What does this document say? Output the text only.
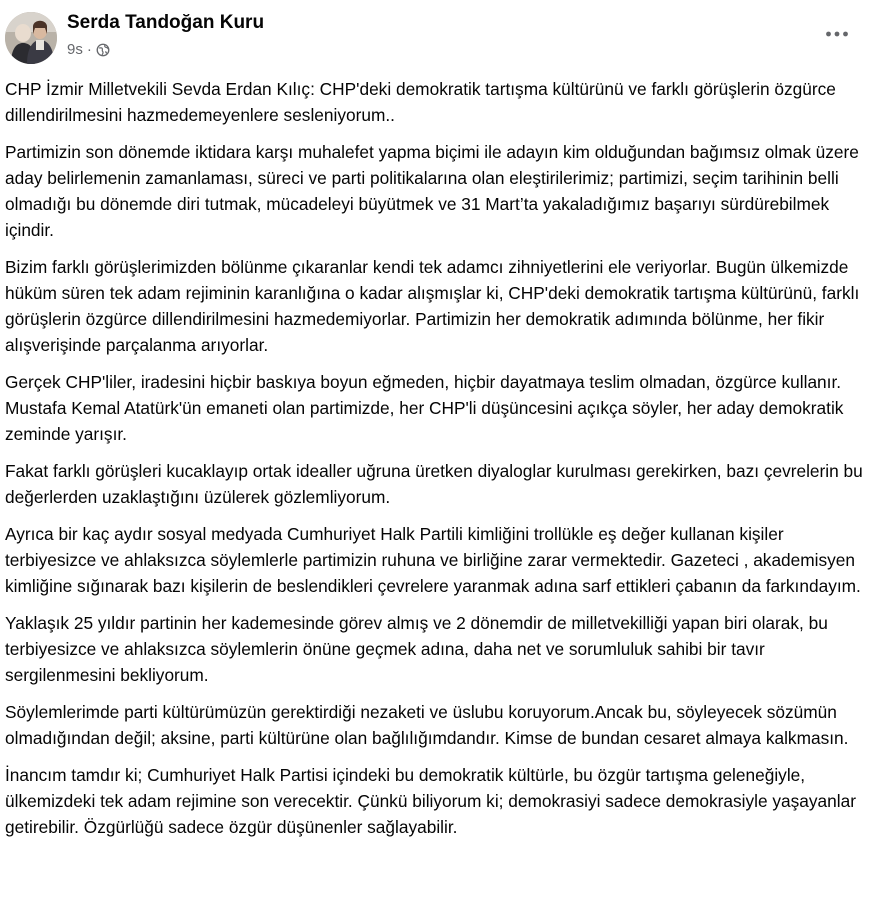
Serda Tandoğan Kuru
9s ·

CHP İzmir Milletvekili Sevda Erdan Kılıç: CHP'deki demokratik tartışma kültürünü ve farklı görüşlerin özgürce dillendirilmesini hazmedemeyenlere sesleniyorum..

Partimizin son dönemde iktidara karşı muhalefet yapma biçimi ile adayın kim olduğundan bağımsız olmak üzere aday belirlemenin zamanlaması, süreci ve parti politikalarına olan eleştirilerimiz; partimizi, seçim tarihinin belli olmadığı bu dönemde diri tutmak, mücadeleyi büyütmek ve 31 Mart’ta yakaladığımız başarıyı sürdürebilmek içindir.

Bizim farklı görüşlerimizden bölünme çıkaranlar kendi tek adamcı zihniyetlerini ele veriyorlar. Bugün ülkemizde hüküm süren tek adam rejiminin karanlığına o kadar alışmışlar ki, CHP'deki demokratik tartışma kültürünü, farklı görüşlerin özgürce dillendirilmesini hazmedemiyorlar. Partimizin her demokratik adımında bölünme, her fikir alışverişinde parçalanma arıyorlar.

Gerçek CHP'liler, iradesini hiçbir baskıya boyun eğmeden, hiçbir dayatmaya teslim olmadan, özgürce kullanır. Mustafa Kemal Atatürk'ün emaneti olan partimizde, her CHP'li düşüncesini açıkça söyler, her aday demokratik zeminde yarışır.

Fakat farklı görüşleri kucaklayıp ortak idealler uğruna üretken diyaloglar kurulması gerekirken, bazı çevrelerin bu değerlerden uzaklaştığını üzülerek gözlemliyorum.

Ayrıca bir kaç aydır sosyal medyada Cumhuriyet Halk Partili kimliğini trollükle eş değer kullanan kişiler terbiyesizce ve ahlaksızca söylemlerle partimizin ruhuna ve birliğine zarar vermektedir. Gazeteci , akademisyen kimliğine sığınarak bazı kişilerin de beslendikleri çevrelere yaranmak adına sarf ettikleri çabanın da farkındayım.

Yaklaşık 25 yıldır partinin her kademesinde görev almış ve 2 dönemdir de milletvekilliği yapan biri olarak, bu terbiyesizce ve ahlaksızca söylemlerin önüne geçmek adına, daha net ve sorumluluk sahibi bir tavır sergilenmesini bekliyorum.

Söylemlerimde parti kültürümüzün gerektirdiği nezaketi ve üslubu koruyorum.Ancak bu, söyleyecek sözümün olmadığından değil; aksine, parti kültürüne olan bağlılığımdandır. Kimse de bundan cesaret almaya kalkmasın.

İnancım tamdır ki; Cumhuriyet Halk Partisi içindeki bu demokratik kültürle, bu özgür tartışma geleneğiyle, ülkemizdeki tek adam rejimine son verecektir. Çünkü biliyorum ki; demokrasiyi sadece demokrasiyle yaşayanlar getirebilir. Özgürlüğü sadece özgür düşünenler sağlayabilir.
